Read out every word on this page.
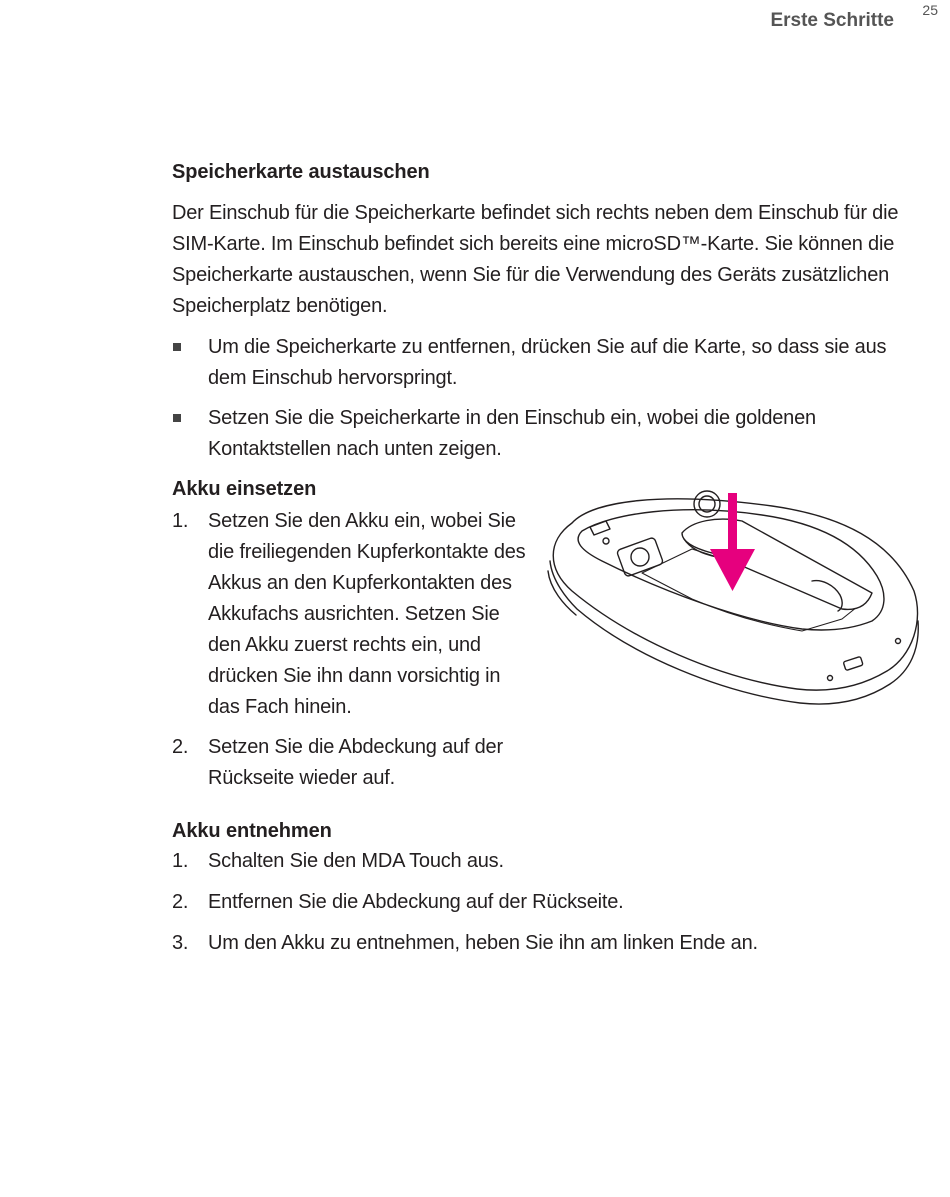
Erste Schritte 25
Speicherkarte austauschen

Der Einschub für die Speicherkarte befindet sich rechts neben dem Einschub für die SIM-Karte. Im Einschub befindet sich bereits eine microSD™-Karte. Sie können die Speicherkarte austauschen, wenn Sie für die Verwendung des Geräts zusätzlichen Speicherplatz benötigen.

Um die Speicherkarte zu entfernen, drücken Sie auf die Karte, so dass sie aus dem Einschub hervorspringt.
Setzen Sie die Speicherkarte in den Einschub ein, wobei die goldenen Kontaktstellen nach unten zeigen.
Akku einsetzen
1. Setzen Sie den Akku ein, wobei Sie die freiliegenden Kupferkontakte des Akkus an den Kupferkontakten des Akkufachs ausrichten. Setzen Sie den Akku zuerst rechts ein, und drücken Sie ihn dann vorsichtig in das Fach hinein.
2. Setzen Sie die Abdeckung auf der Rückseite wieder auf.
Akku entnehmen
1. Schalten Sie den MDA Touch aus.
2. Entfernen Sie die Abdeckung auf der Rückseite.
3. Um den Akku zu entnehmen, heben Sie ihn am linken Ende an.
